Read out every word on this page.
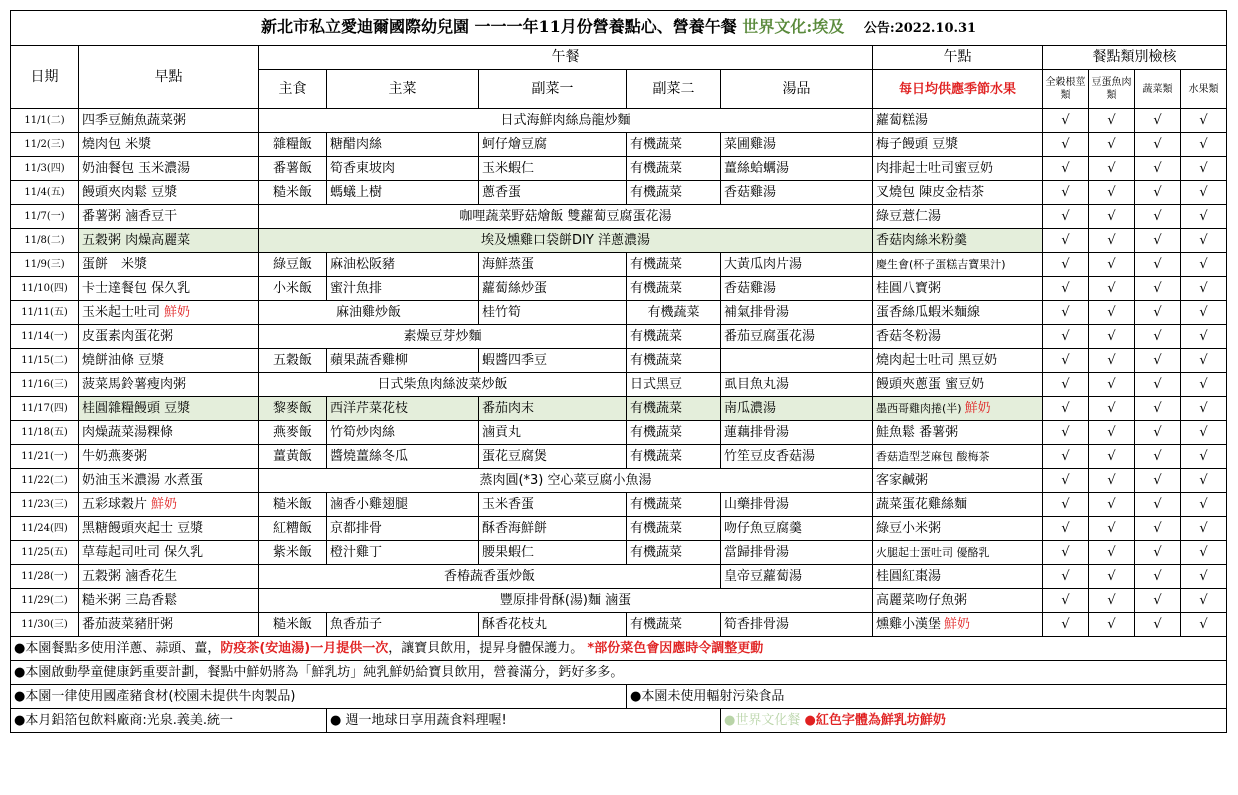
新北市私立愛迪爾國際幼兒園 一一一年11月份營養點心、營養午餐 世界文化:埃及 公告:2022.10.31											
日期	早點	午餐					午點	餐點類別檢核			
		主食	主菜	副菜一	副菜二	湯品	每日均供應季節水果	全穀根莖類	豆蛋魚肉類	蔬菜類	水果類
11/1(二)	四季豆鮪魚蔬菜粥	日式海鮮肉絲烏龍炒麵					蘿蔔糕湯	√	√	√	√
11/2(三)	燒肉包 米漿	雜糧飯	糖醋肉絲	蚵仔燴豆腐	有機蔬菜	菜圃雞湯	梅子饅頭 豆漿	√	√	√	√
11/3(四)	奶油餐包 玉米濃湯	番薯飯	筍香東坡肉	玉米蝦仁	有機蔬菜	薑絲蛤蠣湯	肉排起士吐司蜜豆奶	√	√	√	√
11/4(五)	饅頭夾肉鬆 豆漿	糙米飯	螞蟻上樹	蔥香蛋	有機蔬菜	香菇雞湯	叉燒包 陳皮金桔茶	√	√	√	√
11/7(一)	番薯粥 滷香豆干	咖哩蔬菜野菇燴飯 雙蘿蔔豆腐蛋花湯					綠豆薏仁湯	√	√	√	√
11/8(二)	五穀粥 肉燥高麗菜	埃及燻雞口袋餅DIY 洋蔥濃湯					香菇肉絲米粉羹	√	√	√	√
11/9(三)	蛋餅　米漿	綠豆飯	麻油松阪豬	海鮮蒸蛋	有機蔬菜	大黃瓜肉片湯	慶生會(杯子蛋糕吉寶果汁)	√	√	√	√
11/10(四)	卡士達餐包 保久乳	小米飯	蜜汁魚排	蘿蔔絲炒蛋	有機蔬菜	香菇雞湯	桂圓八寶粥	√	√	√	√
11/11(五)	玉米起士吐司 鮮奶	麻油雞炒飯		桂竹筍	有機蔬菜	補氣排骨湯	蛋香絲瓜蝦米麵線	√	√	√	√
11/14(一)	皮蛋素肉蛋花粥	素燥豆芽炒麵			有機蔬菜	番茄豆腐蛋花湯	香菇冬粉湯	√	√	√	√
11/15(二)	燒餅油條 豆漿	五穀飯	蘋果蔬香雞柳	蝦醬四季豆	有機蔬菜		燒肉起士吐司 黑豆奶	√	√	√	√
11/16(三)	菠菜馬鈴薯瘦肉粥	日式柴魚肉絲波菜炒飯			日式黑豆	虱目魚丸湯	饅頭夾蔥蛋 蜜豆奶	√	√	√	√
11/17(四)	桂圓雜糧饅頭 豆漿	黎麥飯	西洋芹菜花枝	番茄肉末	有機蔬菜	南瓜濃湯	墨西哥雞肉捲(半) 鮮奶	√	√	√	√
11/18(五)	肉燥蔬菜湯粿條	燕麥飯	竹筍炒肉絲	滷貢丸	有機蔬菜	蓮藕排骨湯	鮭魚鬆 番薯粥	√	√	√	√
11/21(一)	牛奶燕麥粥	薑黃飯	醬燒薑絲冬瓜	蛋花豆腐煲	有機蔬菜	竹笙豆皮香菇湯	香菇造型芝麻包 酸梅茶	√	√	√	√
11/22(二)	奶油玉米濃湯 水煮蛋	蒸肉圓(*3) 空心菜豆腐小魚湯					客家鹹粥	√	√	√	√
11/23(三)	五彩球穀片 鮮奶	糙米飯	滷香小雞翅腿	玉米香蛋	有機蔬菜	山藥排骨湯	蔬菜蛋花雞絲麵	√	√	√	√
11/24(四)	黑糖饅頭夾起士 豆漿	紅糟飯	京都排骨	酥香海鮮餅	有機蔬菜	吻仔魚豆腐羹	綠豆小米粥	√	√	√	√
11/25(五)	草莓起司吐司 保久乳	紫米飯	橙汁雞丁	腰果蝦仁	有機蔬菜	當歸排骨湯	火腿起士蛋吐司 優酪乳	√	√	√	√
11/28(一)	五穀粥 滷香花生	香椿蔬香蛋炒飯				皇帝豆蘿蔔湯	桂圓紅棗湯	√	√	√	√
11/29(二)	糙米粥 三島香鬆	豐原排骨酥(湯)麵 滷蛋					高麗菜吻仔魚粥	√	√	√	√
11/30(三)	番茄菠菜豬肝粥	糙米飯	魚香茄子	酥香花枝丸	有機蔬菜	筍香排骨湯	燻雞小漢堡 鮮奶	√	√	√	√
●本園餐點多使用洋蔥、蒜頭、薑，防疫茶(安迪湯)一月提供一次，讓寶貝飲用，提昇身體保護力。 *部份菜色會因應時令調整更動											
●本園啟動學童健康鈣重要計劃，餐點中鮮奶將為「鮮乳坊」純乳鮮奶給寶貝飲用，營養滿分，鈣好多多。											
●本園一律使用國產豬食材(校園未提供牛肉製品)					●本園未使用輻射污染食品						
●本月鋁箔包飲料廠商:光泉.義美.統一			● 週一地球日享用蔬食料理喔!			●世界文化餐 ●紅色字體為鮮乳坊鮮奶					
